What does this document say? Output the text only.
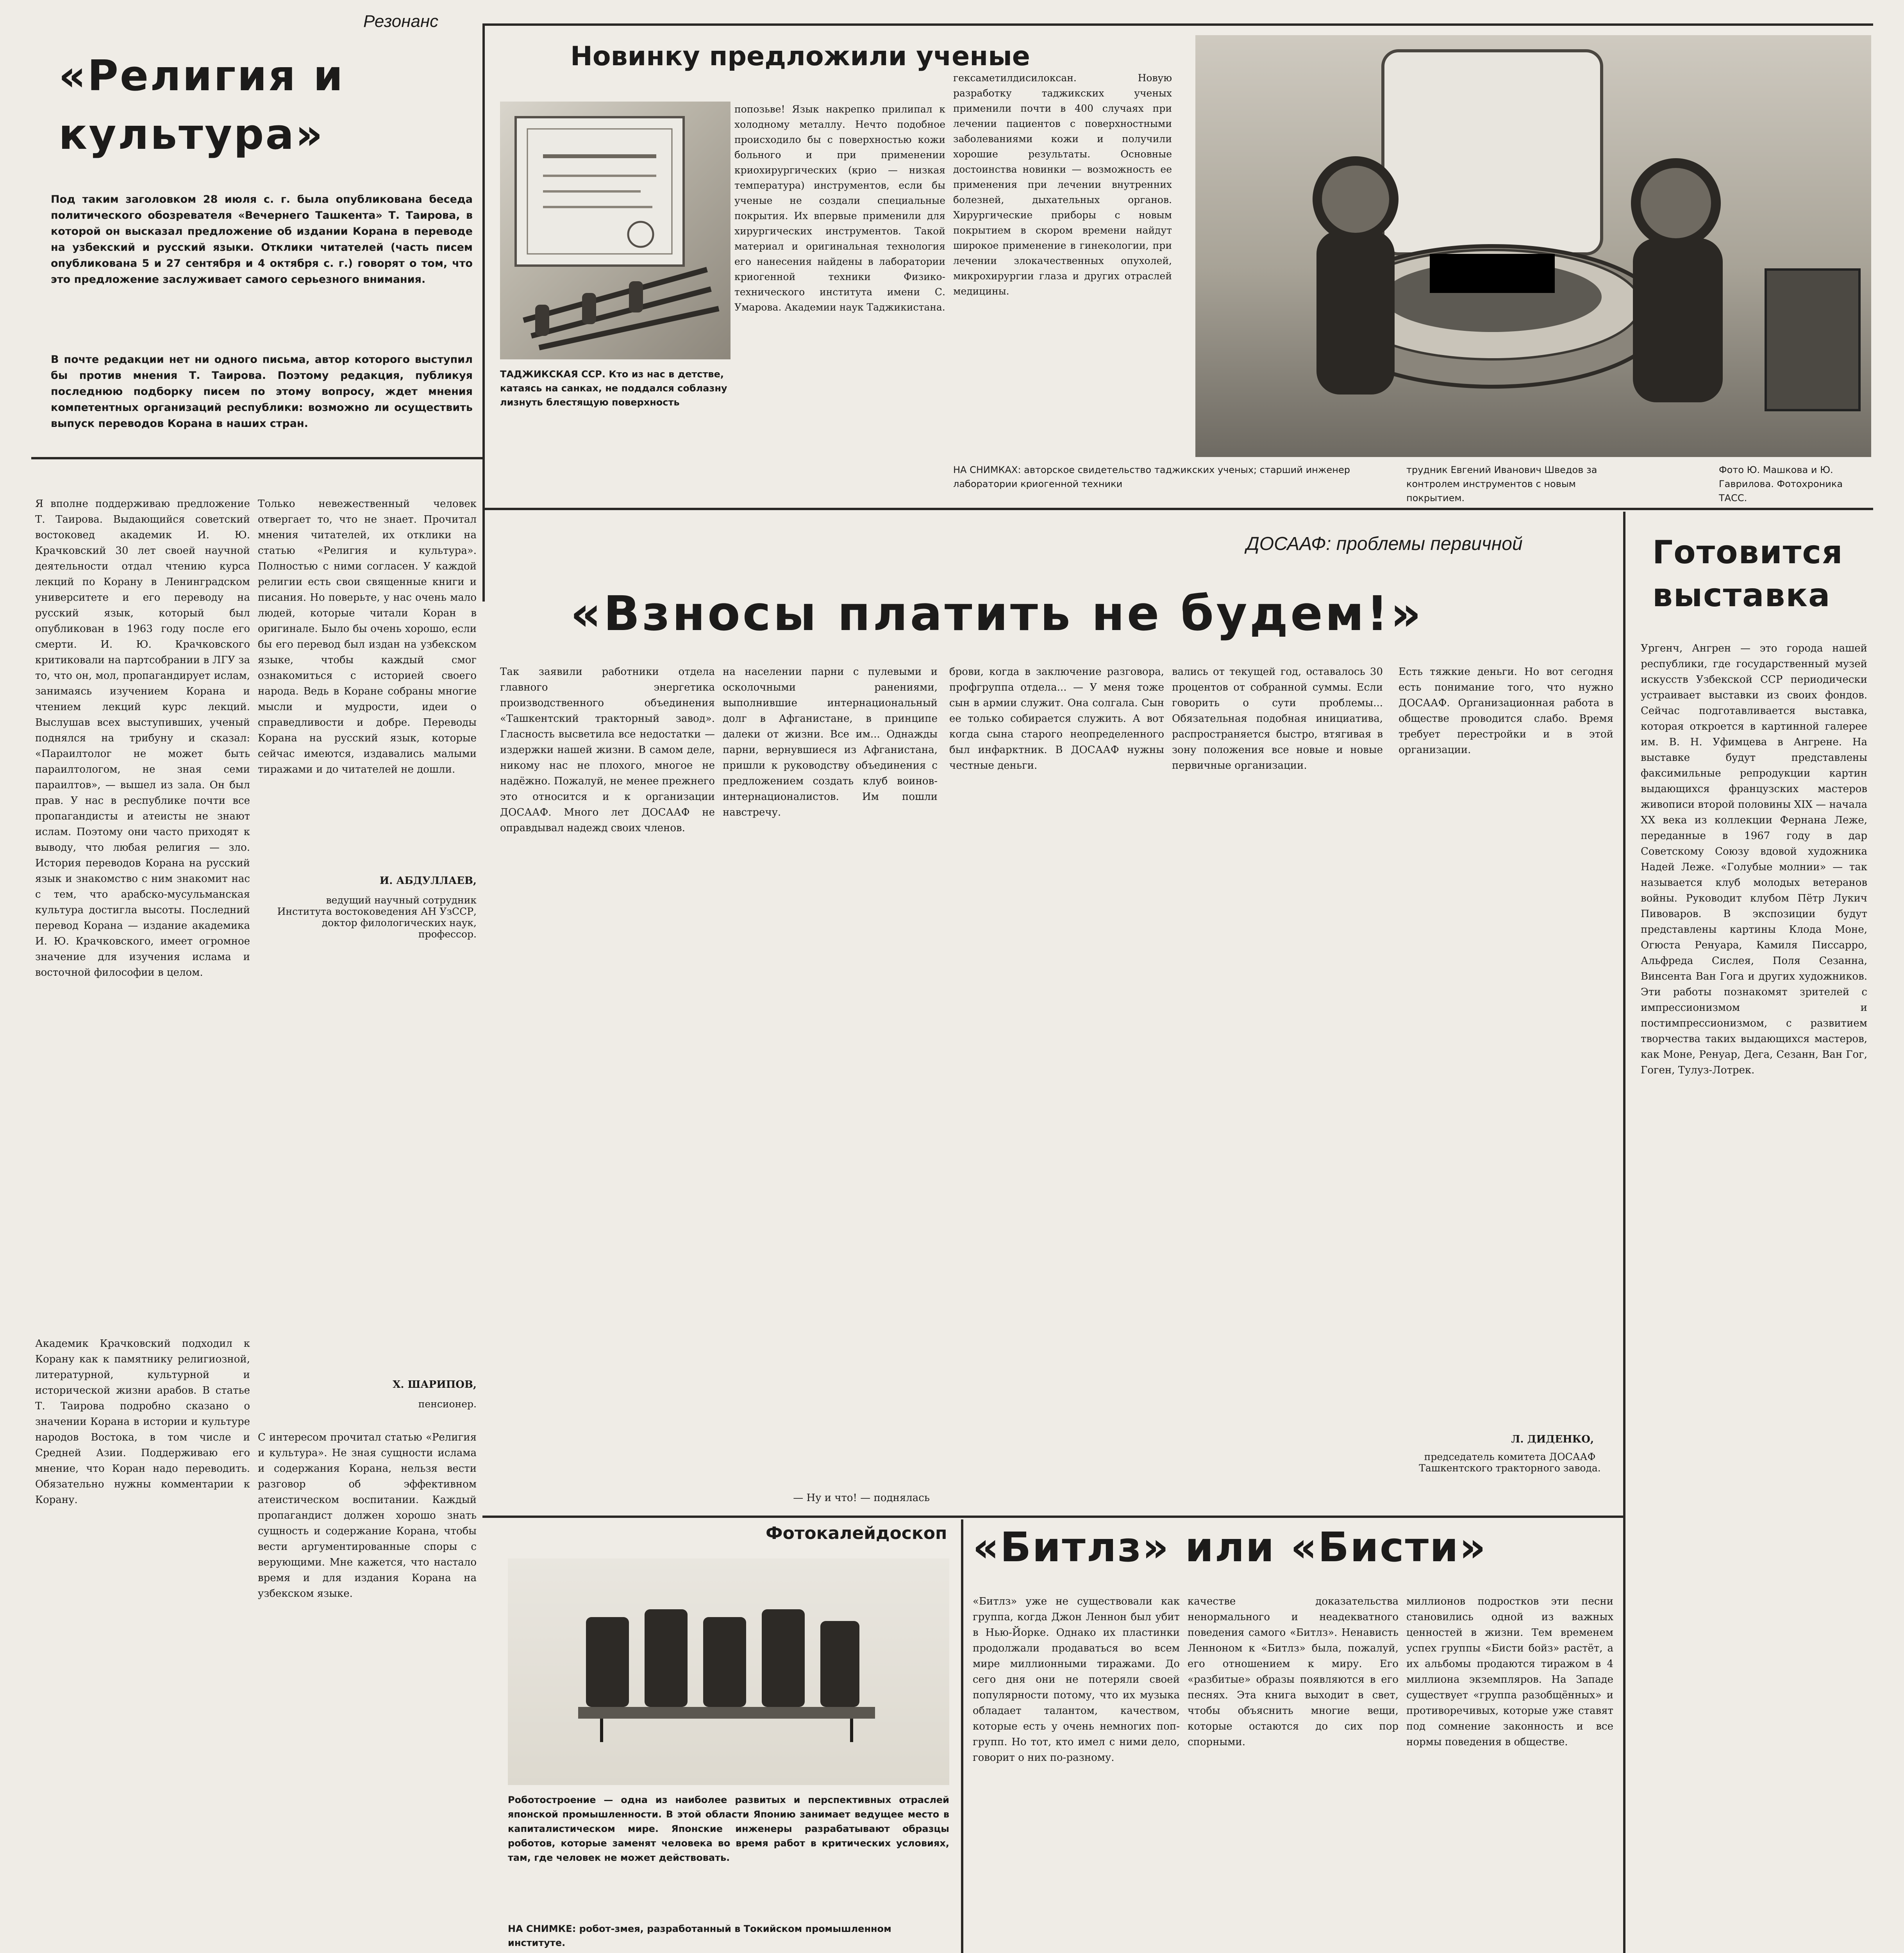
Резонанс
«Религия и культура»
Под таким заголовком 28 июля с. г. была опубликована беседа политического обозревателя «Вечернего Ташкента» Т. Таирова, в которой он высказал предложение об издании Корана в переводе на узбекский и русский языки. Отклики читателей (часть писем опубликована 5 и 27 сентября и 4 октября с. г.) говорят о том, что это предложение заслуживает самого серьезного внимания.
В почте редакции нет ни одного письма, автор которого выступил бы против мнения Т. Таирова. Поэтому редакция, публикуя последнюю подборку писем по этому вопросу, ждет мнения компетентных организаций республики: возможно ли осуществить выпуск переводов Корана в наших стран.
Я вполне поддерживаю предложение Т. Таирова. Выдающийся советский востоковед академик И. Ю. Крачковский 30 лет своей научной деятельности отдал чтению курса лекций по Корану в Ленинградском университете и его переводу на русский язык, который был опубликован в 1963 году после его смерти. И. Ю. Крачковского критиковали на партсобрании в ЛГУ за то, что он, мол, пропагандирует ислам, занимаясь изучением Корана и чтением лекций курс лекций. Выслушав всех выступивших, ученый поднялся на трибуну и сказал: «Параилтолог не может быть параилтологом, не зная семи параилтов», — вышел из зала. Он был прав. У нас в республике почти все пропагандисты и атеисты не знают ислам. Поэтому они часто приходят к выводу, что любая религия — зло. История переводов Корана на русский язык и знакомство с ним знакомит нас с тем, что арабско-мусульманская культура достигла высоты. Последний перевод Корана — издание академика И. Ю. Крачковского, имеет огромное значение для изучения ислама и восточной философии в целом.
Академик Крачковский подходил к Корану как к памятнику религиозной, литературной, культурной и исторической жизни арабов. В статье Т. Таирова подробно сказано о значении Корана в истории и культуре народов Востока, в том числе и Средней Азии. Поддерживаю его мнение, что Коран надо переводить. Обязательно нужны комментарии к Корану.
Только невежественный человек отвергает то, что не знает. Прочитал мнения читателей, их отклики на статью «Религия и культура». Полностью с ними согласен. У каждой религии есть свои священные книги и писания. Но поверьте, у нас очень мало людей, которые читали Коран в оригинале. Было бы очень хорошо, если бы его перевод был издан на узбекском языке, чтобы каждый смог ознакомиться с историей своего народа. Ведь в Коране собраны многие мысли и мудрости, идеи о справедливости и добре. Переводы Корана на русский язык, которые сейчас имеются, издавались малыми тиражами и до читателей не дошли.
И. АБДУЛЛАЕВ,
ведущий научный сотрудник Института востоковедения АН УзССР, доктор филологических наук, профессор.
Х. ШАРИПОВ,
пенсионер.
С интересом прочитал статью «Религия и культура». Не зная сущности ислама и содержания Корана, нельзя вести разговор об эффективном атеистическом воспитании. Каждый пропагандист должен хорошо знать сущность и содержание Корана, чтобы вести аргументированные споры с верующими. Мне кажется, что настало время и для издания Корана на узбекском языке.
Новинку предложили ученые
попозьве! Язык накрепко прилипал к холодному металлу. Нечто подобное происходило бы с поверхностью кожи больного и при применении криохирургических (крио — низкая температура) инструментов, если бы ученые не создали специальные покрытия. Их впервые применили для хирургических инструментов. Такой материал и оригинальная технология его нанесения найдены в лаборатории криогенной техники Физико-технического института имени С. Умарова. Академии наук Таджикистана.
гексаметилдисилоксан. Новую разработку таджикских ученых применили почти в 400 случаях при лечении пациентов с поверхностными заболеваниями кожи и получили хорошие результаты. Основные достоинства новинки — возможность ее применения при лечении внутренних болезней, дыхательных органов. Хирургические приборы с новым покрытием в скором времени найдут широкое применение в гинекологии, при лечении злокачественных опухолей, микрохирургии глаза и других отраслей медицины.
ТАДЖИКСКАЯ ССР. Кто из нас в детстве, катаясь на санках, не поддался соблазну лизнуть блестящую поверхность
НА СНИМКАХ: авторское свидетельство таджикских ученых; старший инженер лаборатории криогенной техники
трудник Евгений Иванович Шведов за контролем инструментов с новым покрытием.
Фото Ю. Машкова и Ю. Гаврилова. Фотохроника ТАСС.
ДОСААФ: проблемы первичной
«Взносы платить не будем!»
Так заявили работники отдела главного энергетика производственного объединения «Ташкентский тракторный завод». Гласность высветила все недостатки — издержки нашей жизни. В самом деле, никому нас не плохого, многое не надёжно. Пожалуй, не менее прежнего это относится и к организации ДОСААФ. Много лет ДОСААФ не оправдывал надежд своих членов.
на населении парни с пулевыми и осколочными ранениями, выполнившие интернациональный долг в Афганистане, в принципе далеки от жизни. Все им... Однажды парни, вернувшиеся из Афганистана, пришли к руководству объединения с предложением создать клуб воинов-интернационалистов. Им пошли навстречу.
— Ну и что! — поднялась
брови, когда в заключение разговора, профгруппа отдела... — У меня тоже сын в армии служит. Она солгала. Сын ее только собирается служить. А вот когда сына старого неопределенного был инфарктник. В ДОСААФ нужны честные деньги.
вались от текущей год, оставалось 30 процентов от собранной суммы. Если говорить о сути проблемы... Обязательная подобная инициатива, распространяется быстро, втягивая в зону положения все новые и новые первичные организации.
Есть тяжкие деньги. Но вот сегодня есть понимание того, что нужно ДОСААФ. Организационная работа в обществе проводится слабо. Время требует перестройки и в этой организации.
Л. ДИДЕНКО,
председатель комитета ДОСААФ Ташкентского тракторного завода.
Готовится выставка
Ургенч, Ангрен — это города нашей республики, где государственный музей искусств Узбекской ССР периодически устраивает выставки из своих фондов. Сейчас подготавливается выставка, которая откроется в картинной галерее им. В. Н. Уфимцева в Ангрене. На выставке будут представлены факсимильные репродукции картин выдающихся французских мастеров живописи второй половины XIX — начала XX века из коллекции Фернана Леже, переданные в 1967 году в дар Советскому Союзу вдовой художника Надей Леже. «Голубые молнии» — так называется клуб молодых ветеранов войны. Руководит клубом Пётр Лукич Пивоваров. В экспозиции будут представлены картины Клода Моне, Огюста Ренуара, Камиля Писсарро, Альфреда Сислея, Поля Сезанна, Винсента Ван Гога и других художников. Эти работы познакомят зрителей с импрессионизмом и постимпрессионизмом, с развитием творчества таких выдающихся мастеров, как Моне, Ренуар, Дега, Сезанн, Ван Гог, Гоген, Тулуз-Лотрек.
Фотокалейдоскоп
Роботостроение — одна из наиболее развитых и перспективных отраслей японской промышленности. В этой области Японию занимает ведущее место в капиталистическом мире. Японские инженеры разрабатывают образцы роботов, которые заменят человека во время работ в критических условиях, там, где человек не может действовать.
НА СНИМКЕ: робот-змея, разработанный в Токийском промышленном институте.
«Битлз» или «Бисти»
«Битлз» уже не существовали как группа, когда Джон Леннон был убит в Нью-Йорке. Однако их пластинки продолжали продаваться во всем мире миллионными тиражами. До сего дня они не потеряли своей популярности потому, что их музыка обладает талантом, качеством, которые есть у очень немногих поп-групп. Но тот, кто имел с ними дело, говорит о них по-разному.
качестве доказательства ненормального и неадекватного поведения самого «Битлз». Ненависть Ленноном к «Битлз» была, пожалуй, его отношением к миру. Его «разбитые» образы появляются в его песнях. Эта книга выходит в свет, чтобы объяснить многие вещи, которые остаются до сих пор спорными.
миллионов подростков эти песни становились одной из важных ценностей в жизни. Тем временем успех группы «Бисти бойз» растёт, а их альбомы продаются тиражом в 4 миллиона экземпляров. На Западе существует «группа разобщённых» и противоречивых, которые уже ставят под сомнение законность и все нормы поведения в обществе.
